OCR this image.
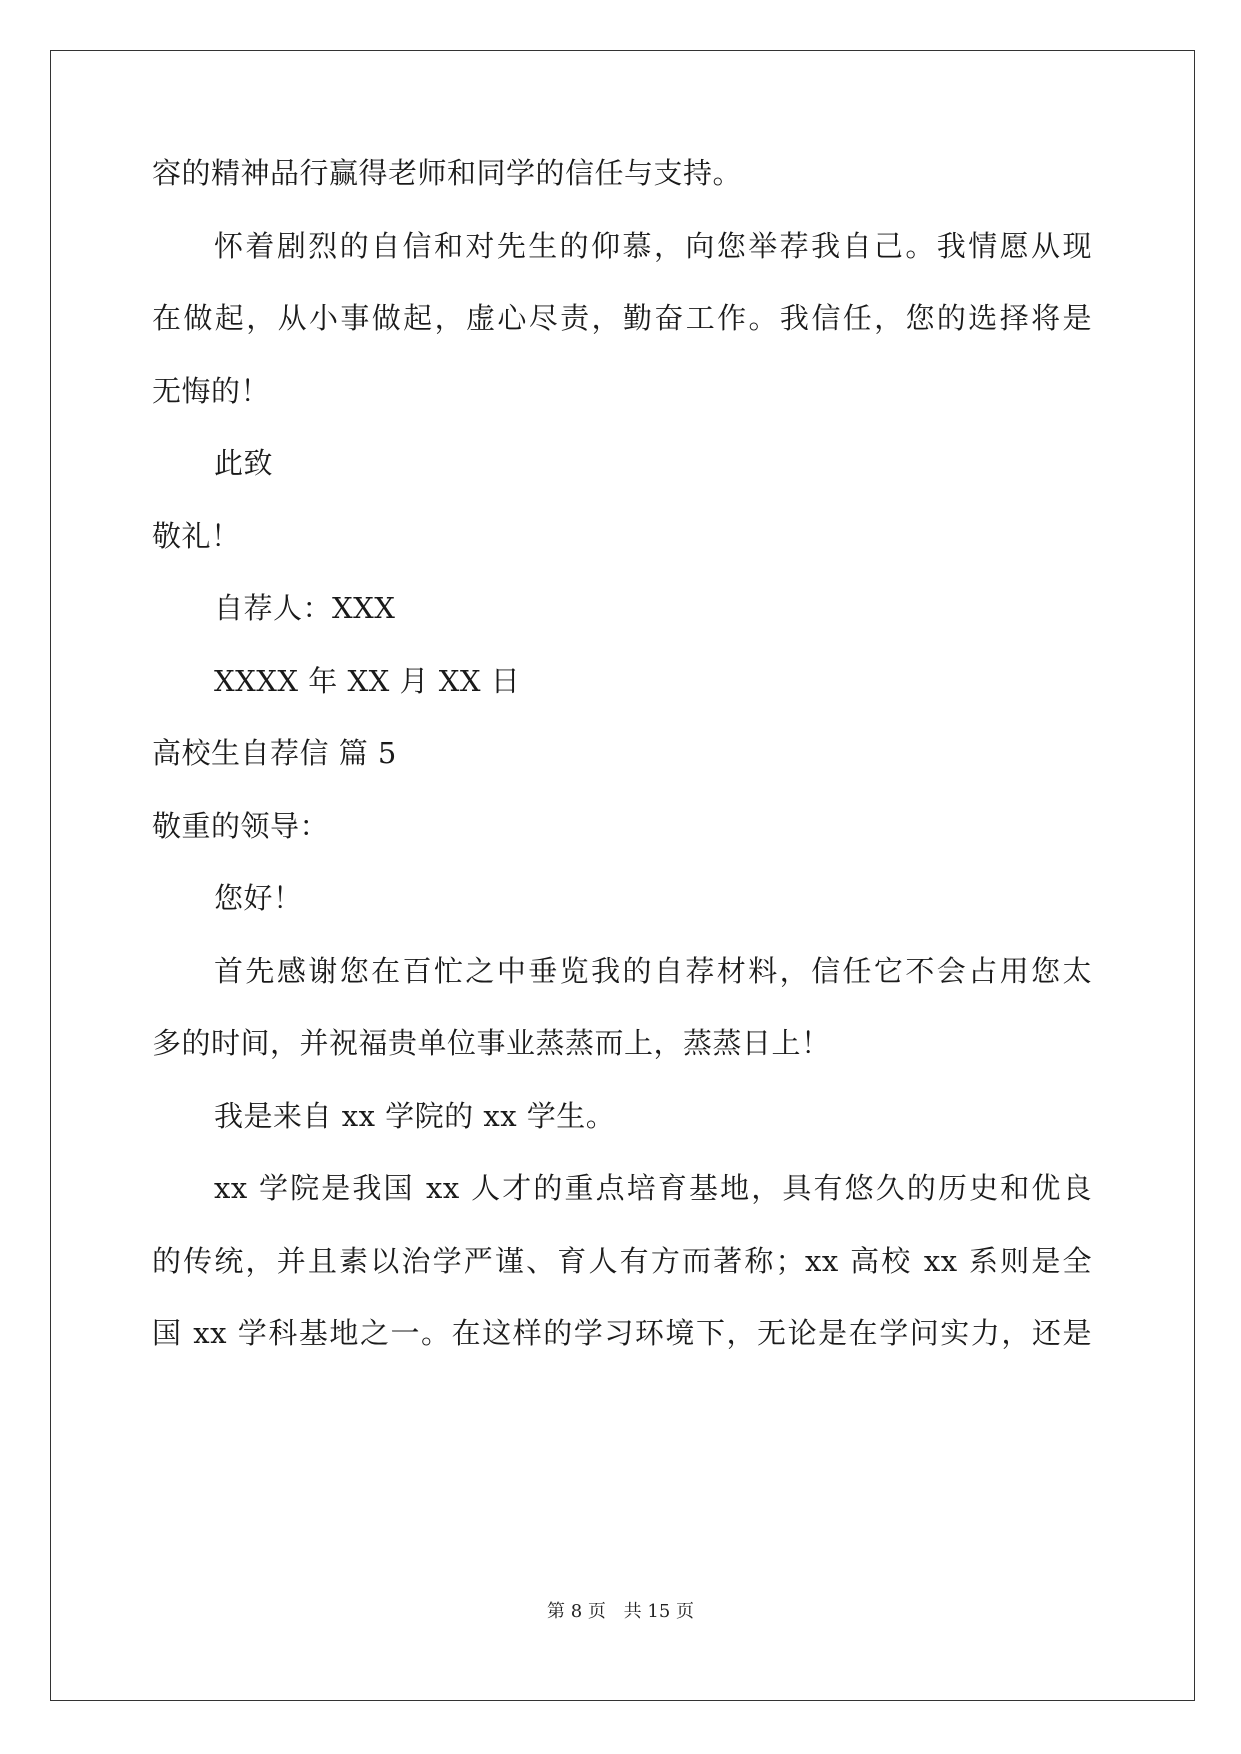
容的精神品行赢得老师和同学的信任与支持。
怀着剧烈的自信和对先生的仰慕，向您举荐我自己。我情愿从现
在做起，从小事做起，虚心尽责，勤奋工作。我信任，您的选择将是
无悔的！
此致
敬礼！
自荐人：XXX
XXXX 年 XX 月 XX 日
高校生自荐信 篇 5
敬重的领导：
您好！
首先感谢您在百忙之中垂览我的自荐材料，信任它不会占用您太
多的时间，并祝福贵单位事业蒸蒸而上，蒸蒸日上！
我是来自 xx 学院的 xx 学生。
xx 学院是我国 xx 人才的重点培育基地，具有悠久的历史和优良
的传统，并且素以治学严谨、育人有方而著称；xx 高校 xx 系则是全
国 xx 学科基地之一。在这样的学习环境下，无论是在学问实力，还是
第 8 页 共 15 页
